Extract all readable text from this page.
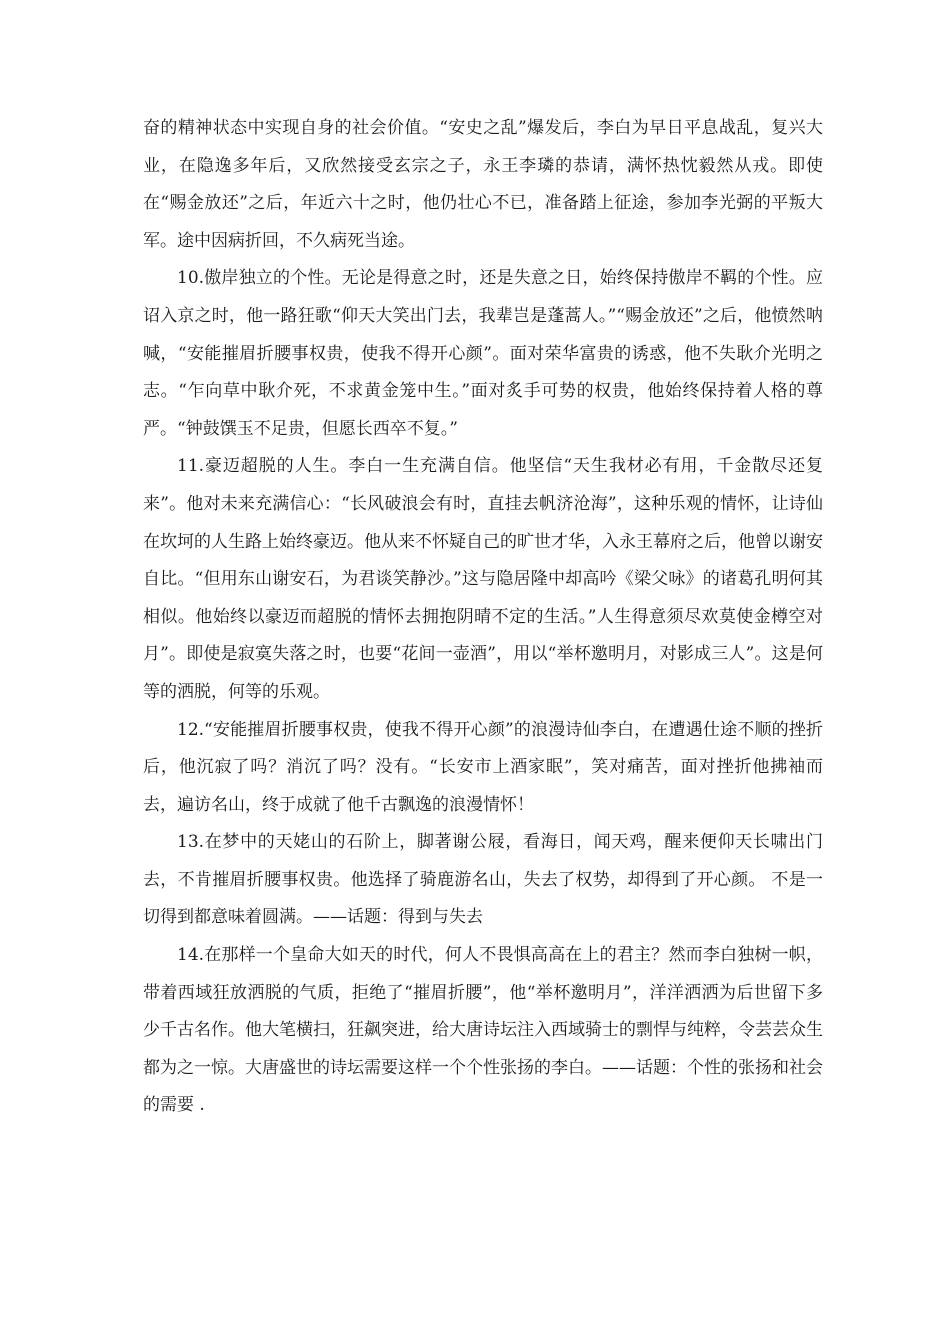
奋的精神状态中实现自身的社会价值。“安史之乱”爆发后，李白为早日平息战乱，复兴大业，在隐逸多年后，又欣然接受玄宗之子，永王李璘的恭请，满怀热忱毅然从戎。即使在“赐金放还”之后，年近六十之时，他仍壮心不已，准备踏上征途，参加李光弼的平叛大军。途中因病折回，不久病死当途。

10.傲岸独立的个性。无论是得意之时，还是失意之日，始终保持傲岸不羁的个性。应诏入京之时，他一路狂歌“仰天大笑出门去，我辈岂是蓬蒿人。”“赐金放还”之后，他愤然呐喊，“安能摧眉折腰事权贵，使我不得开心颜”。面对荣华富贵的诱惑，他不失耿介光明之志。“乍向草中耿介死，不求黄金笼中生。”面对炙手可势的权贵，他始终保持着人格的尊严。“钟鼓馔玉不足贵，但愿长西卒不复。”

11.豪迈超脱的人生。李白一生充满自信。他坚信“天生我材必有用，千金散尽还复来”。他对未来充满信心：“长风破浪会有时，直挂去帆济沧海”，这种乐观的情怀，让诗仙在坎坷的人生路上始终豪迈。他从来不怀疑自己的旷世才华，入永王幕府之后，他曾以谢安自比。“但用东山谢安石，为君谈笑静沙。”这与隐居隆中却高吟《梁父咏》的诸葛孔明何其相似。他始终以豪迈而超脱的情怀去拥抱阴晴不定的生活。”人生得意须尽欢莫使金樽空对月”。即使是寂寞失落之时，也要“花间一壶酒”，用以“举杯邀明月，对影成三人”。这是何等的洒脱，何等的乐观。

12.“安能摧眉折腰事权贵，使我不得开心颜”的浪漫诗仙李白，在遭遇仕途不顺的挫折后，他沉寂了吗？消沉了吗？没有。“长安市上酒家眠”，笑对痛苦，面对挫折他拂袖而去，遍访名山，终于成就了他千古飘逸的浪漫情怀！

13.在梦中的天姥山的石阶上，脚著谢公屐，看海日，闻天鸡，醒来便仰天长啸出门去，不肯摧眉折腰事权贵。他选择了骑鹿游名山，失去了权势，却得到了开心颜。 不是一切得到都意味着圆满。——话题：得到与失去

14.在那样一个皇命大如天的时代，何人不畏惧高高在上的君主？然而李白独树一帜，带着西域狂放洒脱的气质，拒绝了“摧眉折腰”，他“举杯邀明月”，洋洋洒洒为后世留下多少千古名作。他大笔横扫，狂飙突进，给大唐诗坛注入西域骑士的剽悍与纯粹，令芸芸众生都为之一惊。大唐盛世的诗坛需要这样一个个性张扬的李白。——话题：个性的张扬和社会的需要 .
